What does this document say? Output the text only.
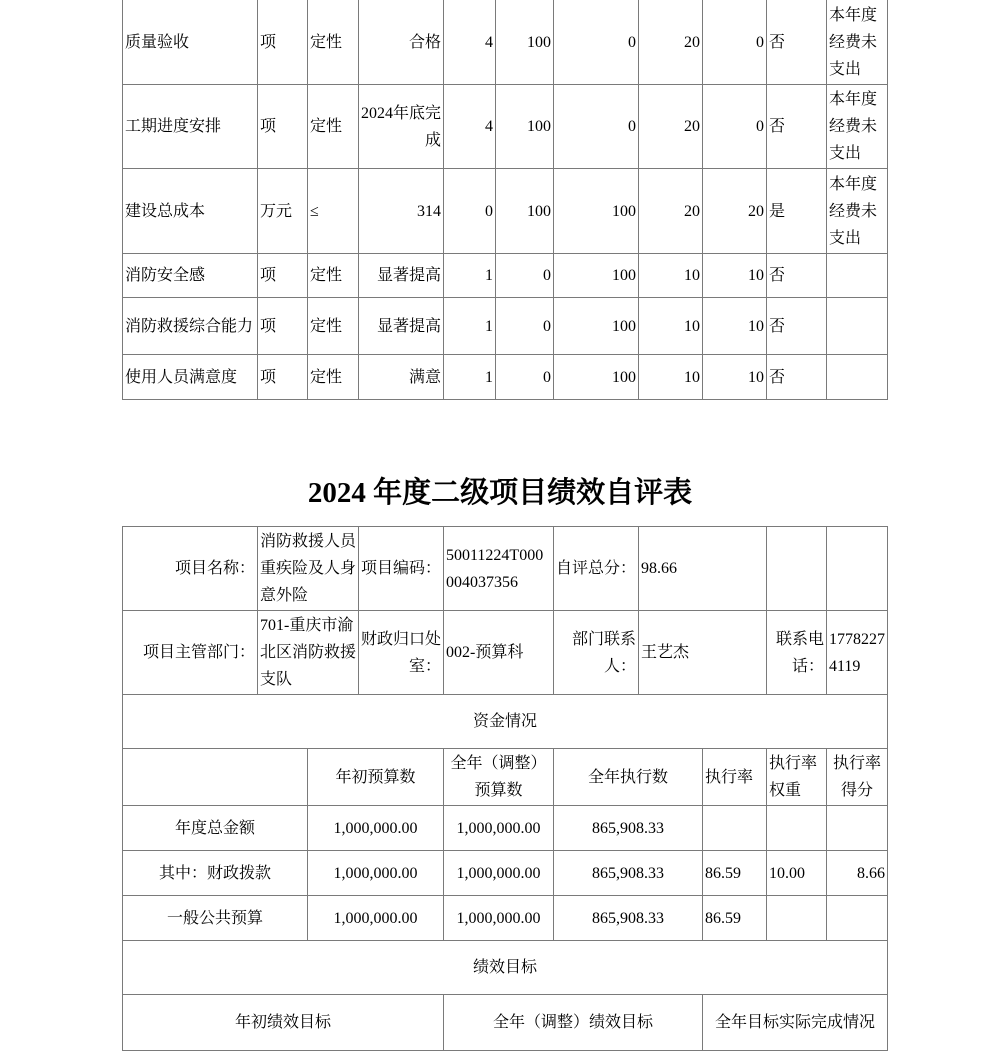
质量验收	项	定性	合格	4	100	0	20	0	否	本年度经费未支出
工期进度安排	项	定性	2024年底完成	4	100	0	20	0	否	本年度经费未支出
建设总成本	万元	≤	314	0	100	100	20	20	是	本年度经费未支出
消防安全感	项	定性	显著提高	1	0	100	10	10	否	
消防救援综合能力	项	定性	显著提高	1	0	100	10	10	否	
使用人员满意度	项	定性	满意	1	0	100	10	10	否	
2024 年度二级项目绩效自评表
项目名称：	消防救援人员重疾险及人身意外险		项目编码：	50011224T000004037356	自评总分：	98.66			
项目主管部门：	701-重庆市渝北区消防救援支队		财政归口处室：	002-预算科	部门联系人：	王艺杰		联系电话：	17782274119
资金情况									
		年初预算数		全年（调整）预算数	全年执行数		执行率	执行率权重	执行率得分
年度总金额		1,000,000.00		1,000,000.00	865,908.33				
其中：财政拨款		1,000,000.00		1,000,000.00	865,908.33		86.59	10.00	8.66
一般公共预算		1,000,000.00		1,000,000.00	865,908.33		86.59		
绩效目标									
年初绩效目标				全年（调整）绩效目标			全年目标实际完成情况		
